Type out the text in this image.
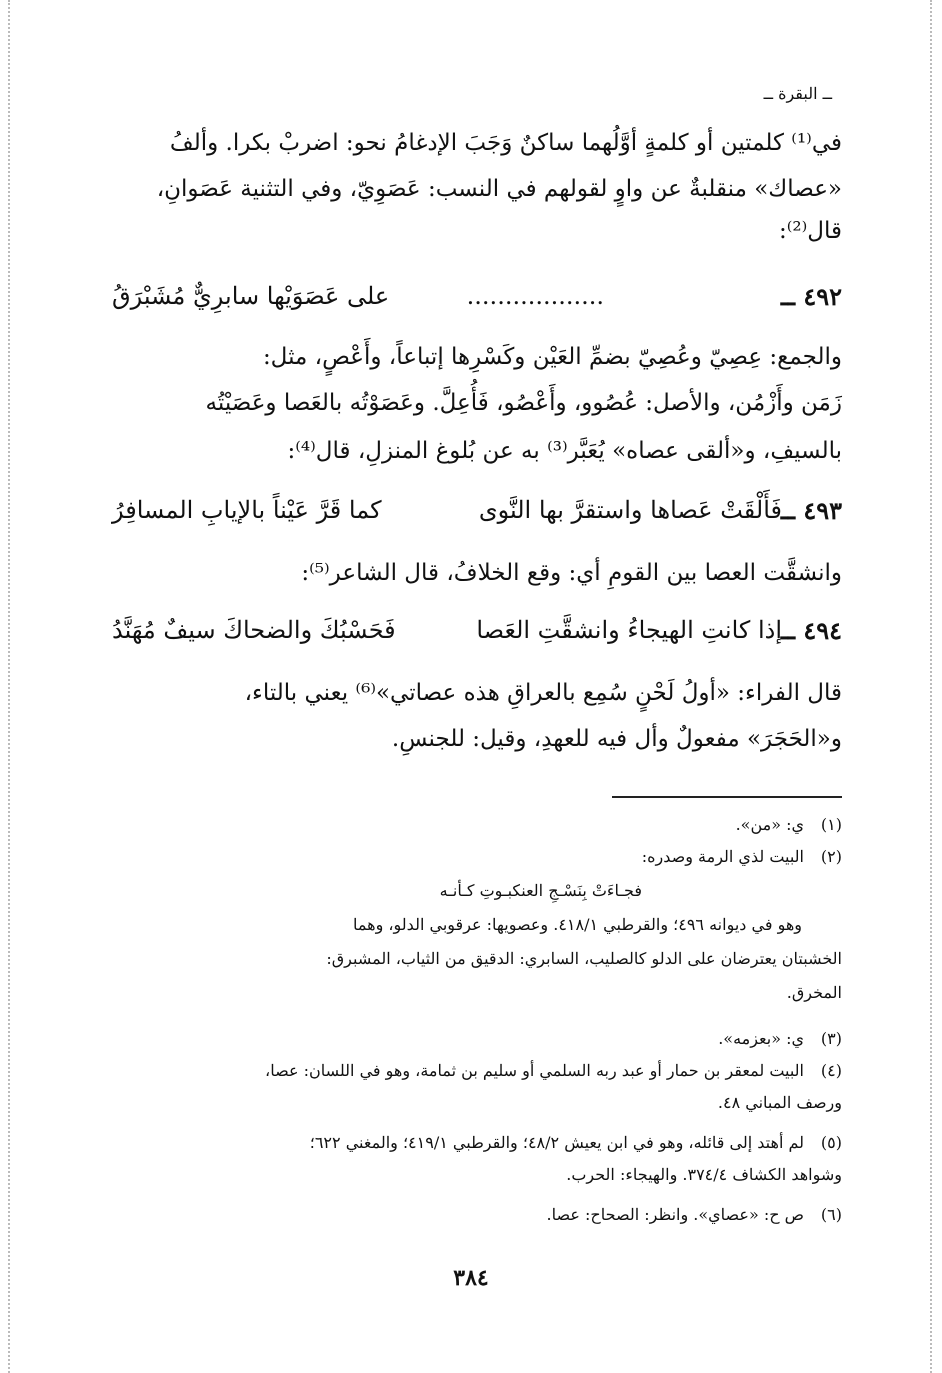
ــ البقرة ــ
في⁽¹⁾ كلمتين أو كلمةٍ أوَّلُهما ساكنٌ وَجَبَ الإدغامُ نحو: اضربْ بكرا. وألفُ
«عصاك» منقلبةٌ عن واوٍ لقولهم في النسب: عَصَوِيّ، وفي التثنية عَصَوانِ،
قال⁽²⁾:
٤٩٢ ــ
..................
على عَصَوَيْها سابرِيٌّ مُشَبْرَقُ
والجمع: عِصِيّ وعُصِيّ بضمِّ العَيْن وكَسْرِها إتباعاً، وأَعْصٍ، مثل:
زَمَن وأَزْمُن، والأصل: عُصُوو، وأَعْصُو، فَأُعِلَّ. وعَصَوْتُه بالعَصا وعَصَيْتُه
بالسيفِ، و«ألقى عصاه» يُعَبَّر⁽³⁾ به عن بُلوغ المنزلِ، قال⁽⁴⁾:
٤٩٣ ــ
فَأَلْقَتْ عَصاها واستقرَّ بها النَّوى
كما قَرَّ عَيْناً بالإيابِ المسافِرُ
وانشقَّت العصا بين القومِ أي: وقع الخلافُ، قال الشاعر⁽⁵⁾:
٤٩٤ ــ
إذا كانتِ الهيجاءُ وانشقَّتِ العَصا
فَحَسْبُكَ والضحاكَ سيفٌ مُهَنَّدُ
قال الفراء: «أولُ لَحْنٍ سُمِع بالعراقِ هذه عصاتي»⁽⁶⁾ يعني بالتاء،
و«الحَجَرَ» مفعولٌ وأل فيه للعهدِ، وقيل: للجنسِ.
(١)ي: «من».
(٢)البيت لذي الرمة وصدره:
فجـاءَتْ بِنَسْـجِ العنكبـوتِ كـأنـه
وهو في ديوانه ٤٩٦؛ والقرطبي ٤١٨/١. وعصويها: عرقوبي الدلو، وهما
الخشبتان يعترضان على الدلو كالصليب، السابري: الدقيق من الثياب، المشبرق:
المخرق.
(٣)ي: «بعزمه».
(٤)البيت لمعقر بن حمار أو عبد ربه السلمي أو سليم بن ثمامة، وهو في اللسان: عصا،
ورصف المباني ٤٨.
(٥)لم أهتد إلى قائله، وهو في ابن يعيش ٤٨/٢؛ والقرطبي ٤١٩/١؛ والمغني ٦٢٢؛
وشواهد الكشاف ٣٧٤/٤. والهيجاء: الحرب.
(٦)ص ح: «عصاي». وانظر: الصحاح: عصا.
٣٨٤
